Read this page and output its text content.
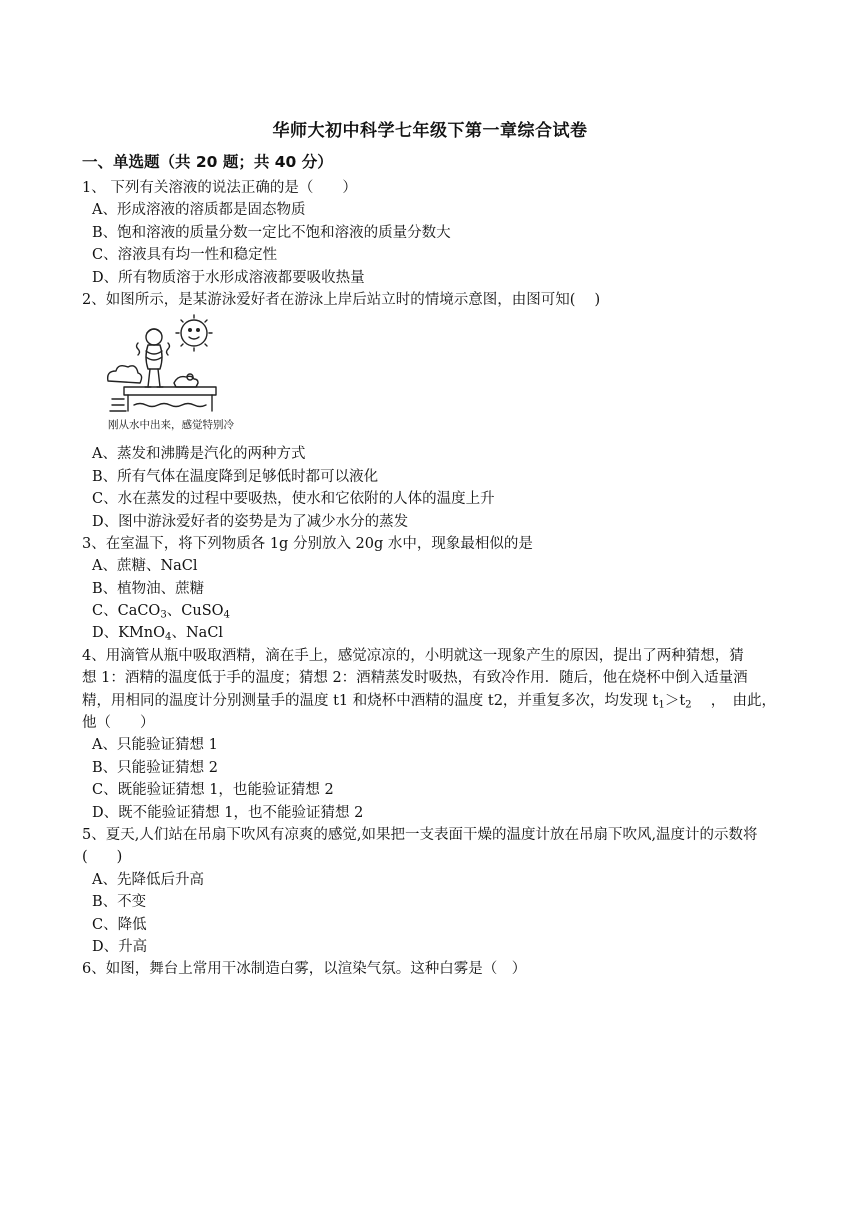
华师大初中科学七年级下第一章综合试卷
一、单选题（共 20 题；共 40 分）
1、 下列有关溶液的说法正确的是（　　）
A、形成溶液的溶质都是固态物质
B、饱和溶液的质量分数一定比不饱和溶液的质量分数大
C、溶液具有均一性和稳定性
D、所有物质溶于水形成溶液都要吸收热量
2、如图所示，是某游泳爱好者在游泳上岸后站立时的情境示意图，由图可知(　 )
刚从水中出来，感觉特别冷
A、蒸发和沸腾是汽化的两种方式
B、所有气体在温度降到足够低时都可以液化
C、水在蒸发的过程中要吸热，使水和它依附的人体的温度上升
D、图中游泳爱好者的姿势是为了减少水分的蒸发
3、在室温下，将下列物质各 1g 分别放入 20g 水中，现象最相似的是
A、蔗糖、NaCl
B、植物油、蔗糖
C、CaCO$_3$、CuSO$_4$
D、KMnO$_4$、NaCl
4、用滴管从瓶中吸取酒精，滴在手上，感觉凉凉的，小明就这一现象产生的原因，提出了两种猜想，猜
想 1：酒精的温度低于手的温度；猜想 2：酒精蒸发时吸热，有致冷作用．随后，他在烧杯中倒入适量酒
精，用相同的温度计分别测量手的温度 t1 和烧杯中酒精的温度 t2，并重复多次，均发现 $t_1>t_2$　 ，　由此，
他（　　）
A、只能验证猜想 1
B、只能验证猜想 2
C、既能验证猜想 1，也能验证猜想 2
D、既不能验证猜想 1，也不能验证猜想 2
5、夏天,人们站在吊扇下吹风有凉爽的感觉,如果把一支表面干燥的温度计放在吊扇下吹风,温度计的示数将
(　　)
A、先降低后升高
B、不变
C、降低
D、升高
6、如图，舞台上常用干冰制造白雾，以渲染气氛。这种白雾是（　）
